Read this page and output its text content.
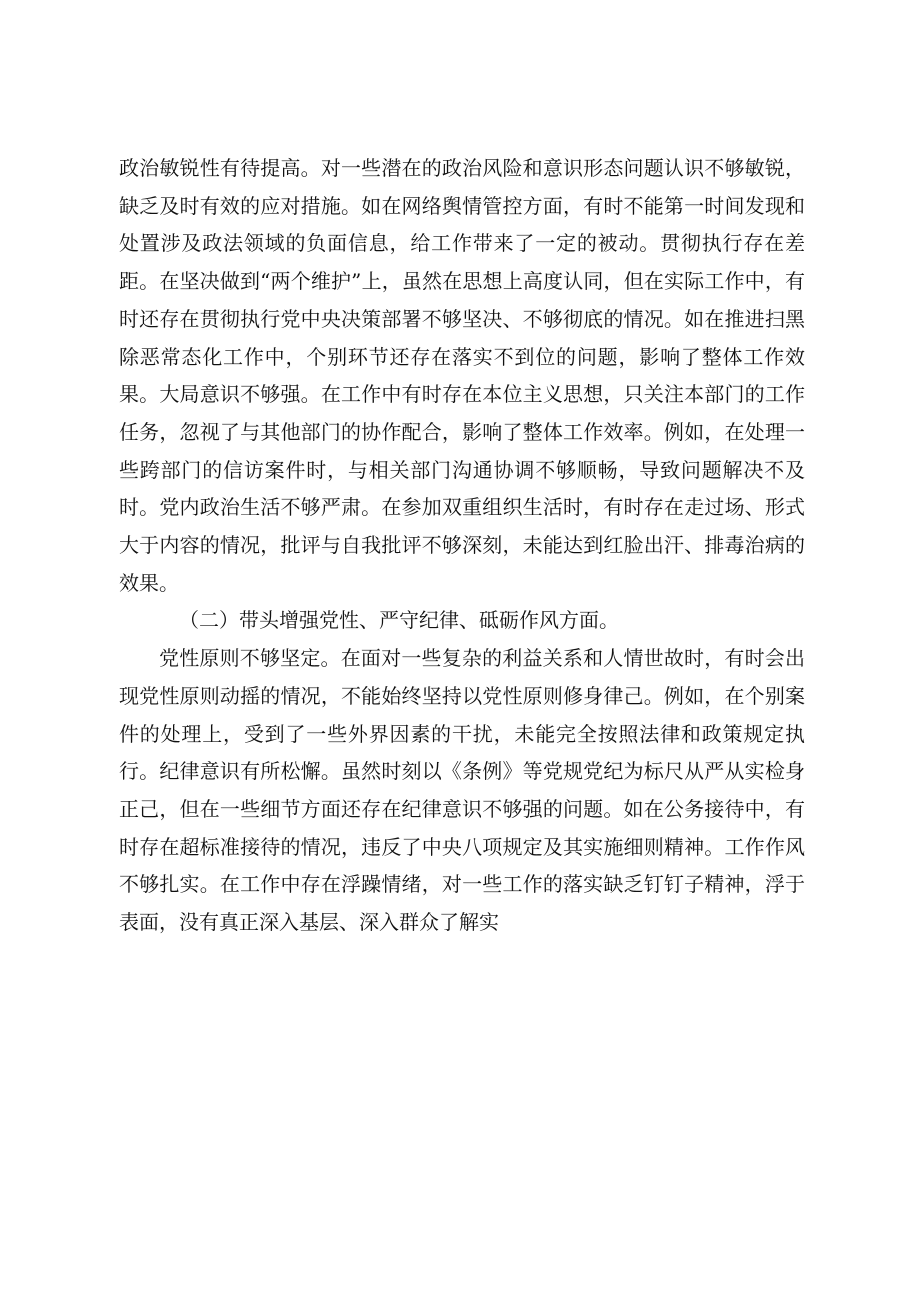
政治敏锐性有待提高。对一些潜在的政治风险和意识形态问题认识不够敏锐，缺乏及时有效的应对措施。如在网络舆情管控方面，有时不能第一时间发现和处置涉及政法领域的负面信息，给工作带来了一定的被动。贯彻执行存在差距。在坚决做到“两个维护”上，虽然在思想上高度认同，但在实际工作中，有时还存在贯彻执行党中央决策部署不够坚决、不够彻底的情况。如在推进扫黑除恶常态化工作中，个别环节还存在落实不到位的问题，影响了整体工作效果。大局意识不够强。在工作中有时存在本位主义思想，只关注本部门的工作任务，忽视了与其他部门的协作配合，影响了整体工作效率。例如，在处理一些跨部门的信访案件时，与相关部门沟通协调不够顺畅，导致问题解决不及时。党内政治生活不够严肃。在参加双重组织生活时，有时存在走过场、形式大于内容的情况，批评与自我批评不够深刻，未能达到红脸出汗、排毒治病的效果。

（二）带头增强党性、严守纪律、砥砺作风方面。

党性原则不够坚定。在面对一些复杂的利益关系和人情世故时，有时会出现党性原则动摇的情况，不能始终坚持以党性原则修身律己。例如，在个别案件的处理上，受到了一些外界因素的干扰，未能完全按照法律和政策规定执行。纪律意识有所松懈。虽然时刻以《条例》等党规党纪为标尺从严从实检身正己，但在一些细节方面还存在纪律意识不够强的问题。如在公务接待中，有时存在超标准接待的情况，违反了中央八项规定及其实施细则精神。工作作风不够扎实。在工作中存在浮躁情绪，对一些工作的落实缺乏钉钉子精神，浮于表面，没有真正深入基层、深入群众了解实
